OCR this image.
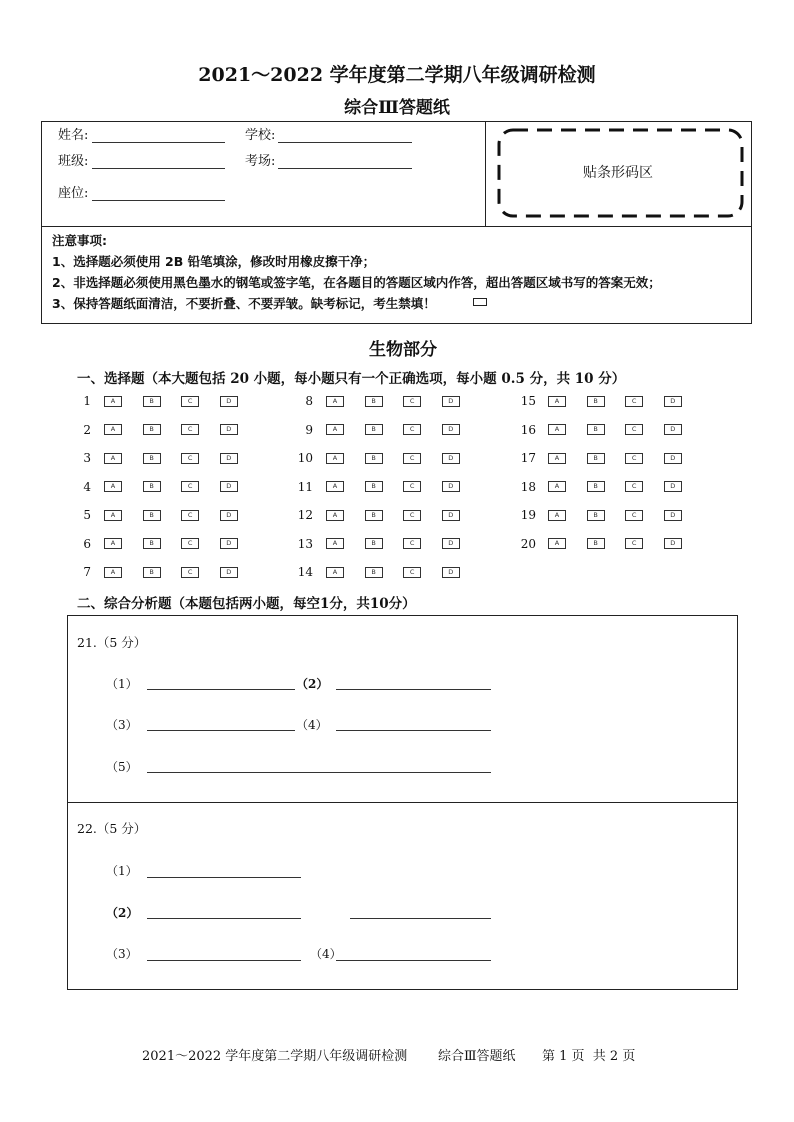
2021～2022 学年度第二学期八年级调研检测
综合Ⅲ答题纸
姓名:	学校:
班级:	考场:
座位:
贴条形码区
注意事项:
1、选择题必须使用 2B 铅笔填涂，修改时用橡皮擦干净；
2、非选择题必须使用黑色墨水的钢笔或签字笔，在各题目的答题区域内作答，超出答题区域书写的答案无效；
3、保持答题纸面清洁，不要折叠、不要弄皱。缺考标记，考生禁填！
生物部分
一、选择题（本大题包括 20 小题，每小题只有一个正确选项，每小题 0.5 分，共 10 分）
1	A	B	C	D
2	A	B	C	D
3	A	B	C	D
4	A	B	C	D
5	A	B	C	D
6	A	B	C	D
7	A	B	C	D
8	A	B	C	D
9	A	B	C	D
10	A	B	C	D
11	A	B	C	D
12	A	B	C	D
13	A	B	C	D
14	A	B	C	D
15	A	B	C	D
16	A	B	C	D
17	A	B	C	D
18	A	B	C	D
19	A	B	C	D
20	A	B	C	D
二、综合分析题（本题包括两小题，每空1分，共10分）
21.（5 分）
（1）	（2）
（3）	（4）
（5）
22.（5 分）
（1）
（2）
（3）	（4）
2021～2022 学年度第二学期八年级调研检测 综合Ⅲ答题纸 第 1 页  共 2 页
